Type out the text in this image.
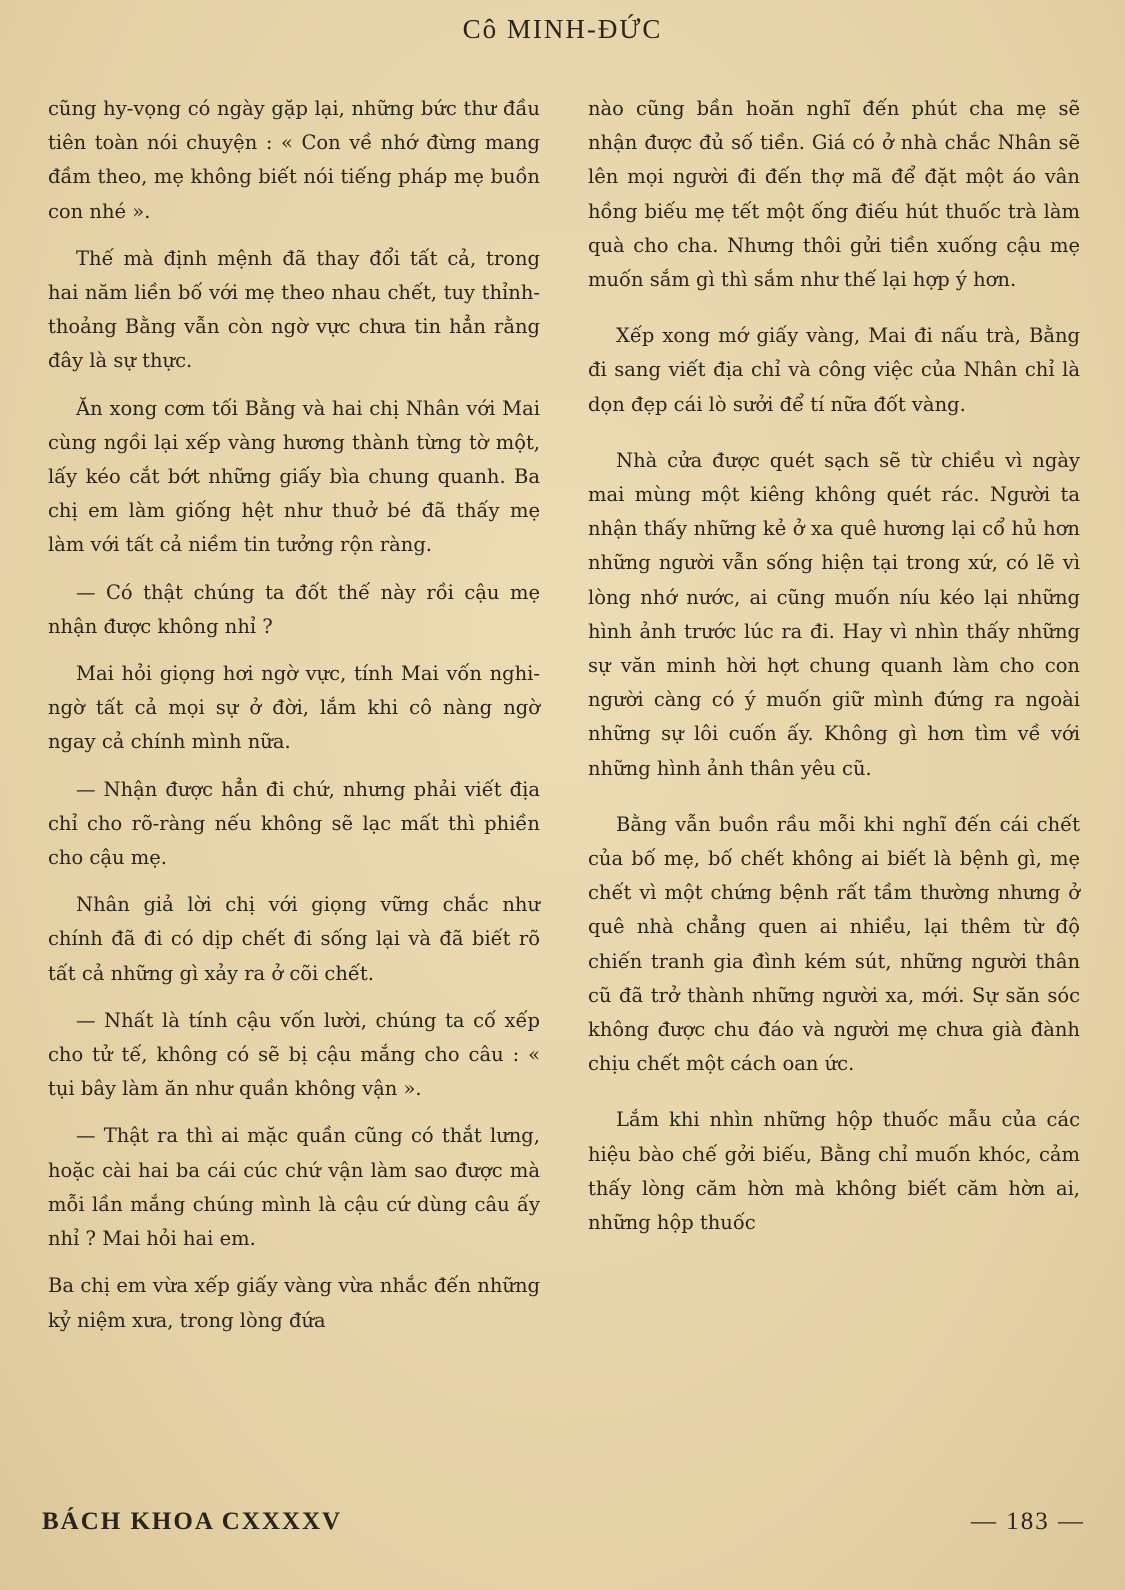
Cô MINH-ĐỨC

cũng hy-vọng có ngày gặp lại, những bức thư đầu tiên toàn nói chuyện : « Con về nhớ đừng mang đầm theo, mẹ không biết nói tiếng pháp mẹ buồn con nhé ».

Thế mà định mệnh đã thay đổi tất cả, trong hai năm liền bố với mẹ theo nhau chết, tuy thỉnh-thoảng Bằng vẫn còn ngờ vực chưa tin hẳn rằng đây là sự thực.

Ăn xong cơm tối Bằng và hai chị Nhân với Mai cùng ngồi lại xếp vàng hương thành từng tờ một, lấy kéo cắt bớt những giấy bìa chung quanh. Ba chị em làm giống hệt như thuở bé đã thấy mẹ làm với tất cả niềm tin tưởng rộn ràng.

— Có thật chúng ta đốt thế này rồi cậu mẹ nhận được không nhỉ ?

Mai hỏi giọng hơi ngờ vực, tính Mai vốn nghi-ngờ tất cả mọi sự ở đời, lắm khi cô nàng ngờ ngay cả chính mình nữa.

— Nhận được hẳn đi chứ, nhưng phải viết địa chỉ cho rõ-ràng nếu không sẽ lạc mất thì phiền cho cậu mẹ.

Nhân giả lời chị với giọng vững chắc như chính đã đi có dịp chết đi sống lại và đã biết rõ tất cả những gì xảy ra ở cõi chết.

— Nhất là tính cậu vốn lười, chúng ta cố xếp cho tử tế, không có sẽ bị cậu mắng cho câu : « tụi bây làm ăn như quần không vận ».

— Thật ra thì ai mặc quần cũng có thắt lưng, hoặc cài hai ba cái cúc chứ vận làm sao được mà mỗi lần mắng chúng mình là cậu cứ dùng câu ấy nhỉ ? Mai hỏi hai em.

Ba chị em vừa xếp giấy vàng vừa nhắc đến những kỷ niệm xưa, trong lòng đứa

nào cũng bần hoăn nghĩ đến phút cha mẹ sẽ nhận được đủ số tiền. Giá có ở nhà chắc Nhân sẽ lên mọi người đi đến thợ mã để đặt một áo vân hồng biếu mẹ tết một ống điếu hút thuốc trà làm quà cho cha. Nhưng thôi gửi tiền xuống cậu mẹ muốn sắm gì thì sắm như thế lại hợp ý hơn.

Xếp xong mớ giấy vàng, Mai đi nấu trà, Bằng đi sang viết địa chỉ và công việc của Nhân chỉ là dọn đẹp cái lò sưởi để tí nữa đốt vàng.

Nhà cửa được quét sạch sẽ từ chiều vì ngày mai mùng một kiêng không quét rác. Người ta nhận thấy những kẻ ở xa quê hương lại cổ hủ hơn những người vẫn sống hiện tại trong xứ, có lẽ vì lòng nhớ nước, ai cũng muốn níu kéo lại những hình ảnh trước lúc ra đi. Hay vì nhìn thấy những sự văn minh hời hợt chung quanh làm cho con người càng có ý muốn giữ mình đứng ra ngoài những sự lôi cuốn ấy. Không gì hơn tìm về với những hình ảnh thân yêu cũ.

Bằng vẫn buồn rầu mỗi khi nghĩ đến cái chết của bố mẹ, bố chết không ai biết là bệnh gì, mẹ chết vì một chứng bệnh rất tầm thường nhưng ở quê nhà chẳng quen ai nhiều, lại thêm từ độ chiến tranh gia đình kém sút, những người thân cũ đã trở thành những người xa, mới. Sự săn sóc không được chu đáo và người mẹ chưa già đành chịu chết một cách oan ức.

Lắm khi nhìn những hộp thuốc mẫu của các hiệu bào chế gởi biếu, Bằng chỉ muốn khóc, cảm thấy lòng căm hờn mà không biết căm hờn ai, những hộp thuốc

BÁCH KHOA CXXXXV	— 183 —
